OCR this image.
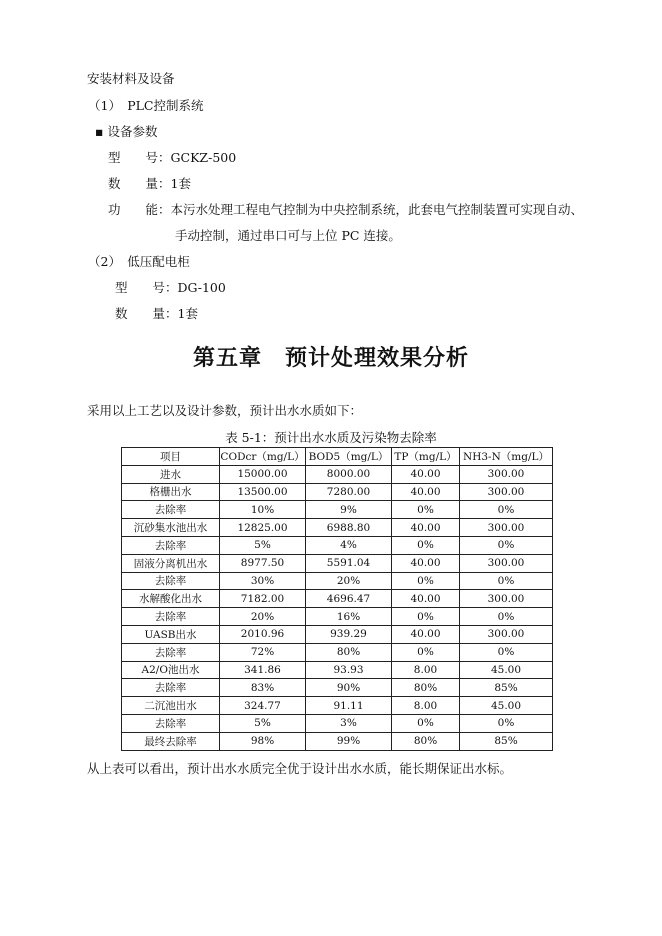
安装材料及设备
（1）　PLC控制系统
▪ 设备参数
型　　号：GCKZ-500
数　　量：1套
功　　能：本污水处理工程电气控制为中央控制系统，此套电气控制装置可实现自动、
手动控制，通过串口可与上位 PC 连接。
（2）　低压配电柜
型　　号：DG-100
数　　量：1套
第五章　预计处理效果分析
采用以上工艺以及设计参数，预计出水水质如下：
表 5-1：预计出水水质及污染物去除率
项目	CODcr（mg/L）	BOD5（mg/L）	TP（mg/L）	NH3-N（mg/L）
进水	15000.00	8000.00	40.00	300.00
格栅出水	13500.00	7280.00	40.00	300.00
去除率	10%	9%	0%	0%
沉砂集水池出水	12825.00	6988.80	40.00	300.00
去除率	5%	4%	0%	0%
固液分离机出水	8977.50	5591.04	40.00	300.00
去除率	30%	20%	0%	0%
水解酸化出水	7182.00	4696.47	40.00	300.00
去除率	20%	16%	0%	0%
UASB出水	2010.96	939.29	40.00	300.00
去除率	72%	80%	0%	0%
A2/O池出水	341.86	93.93	8.00	45.00
去除率	83%	90%	80%	85%
二沉池出水	324.77	91.11	8.00	45.00
去除率	5%	3%	0%	0%
最终去除率	98%	99%	80%	85%
从上表可以看出，预计出水水质完全优于设计出水水质，能长期保证出水标。
